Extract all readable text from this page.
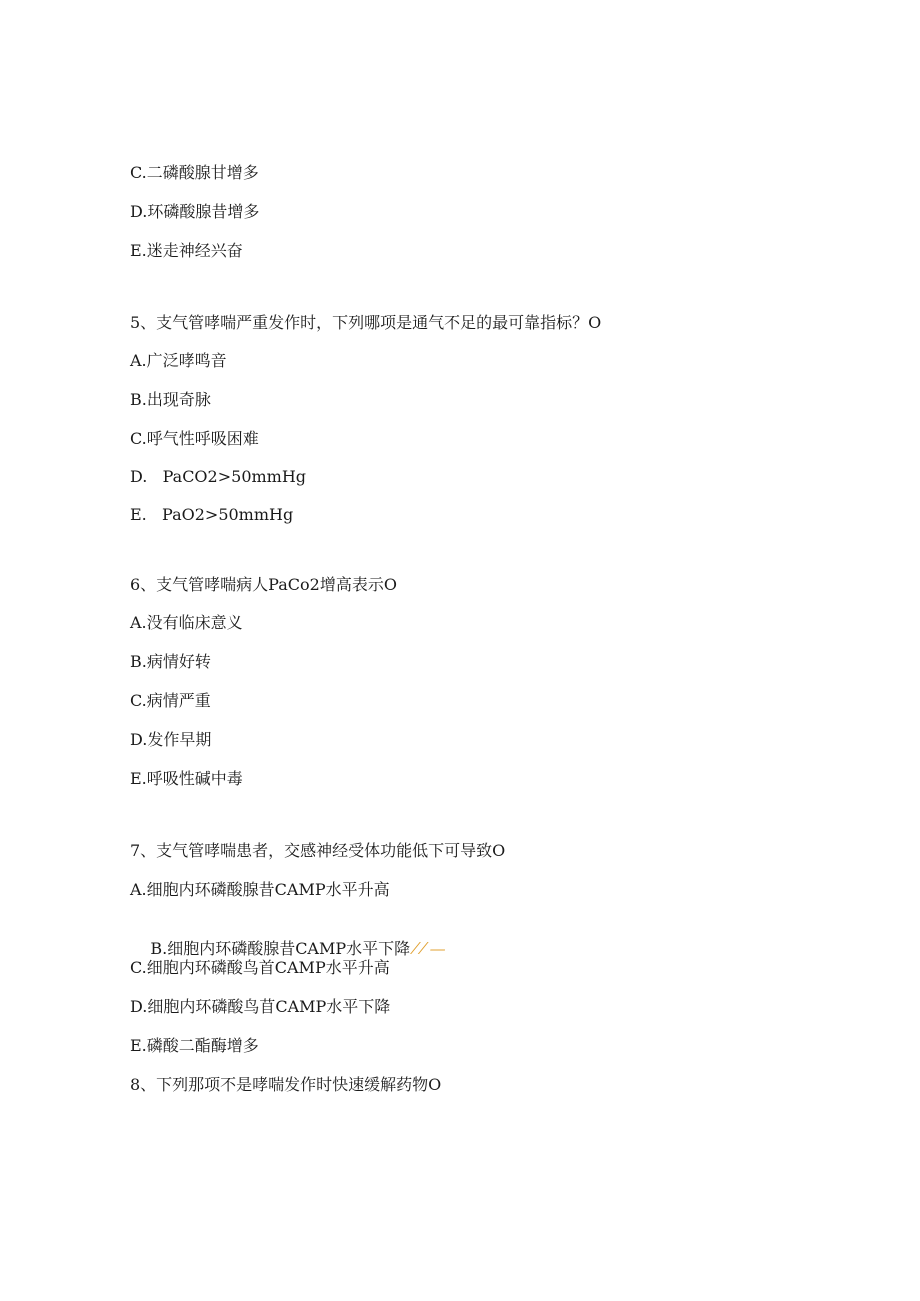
C.二磷酸腺甘增多
D.环磷酸腺昔增多
E.迷走神经兴奋
5、支气管哮喘严重发作时，下列哪项是通气不足的最可靠指标？O
A.广泛哮鸣音
B.出现奇脉
C.呼气性呼吸困难
D.   PaCO2>50mmHg
E.   PaO2>50mmHg
6、支气管哮喘病人PaCo2增高表示O
A.没有临床意义
B.病情好转
C.病情严重
D.发作早期
E.呼吸性碱中毒
7、支气管哮喘患者，交感神经受体功能低下可导致O
A.细胞内环磷酸腺昔CAMP水平升高

B.细胞内环磷酸腺昔CAMP水平下降 ⁄ ⁄ —

C.细胞内环磷酸鸟首CAMP水平升高
D.细胞内环磷酸鸟苜CAMP水平下降
E.磷酸二酯酶增多
8、下列那项不是哮喘发作时快速缓解药物O
